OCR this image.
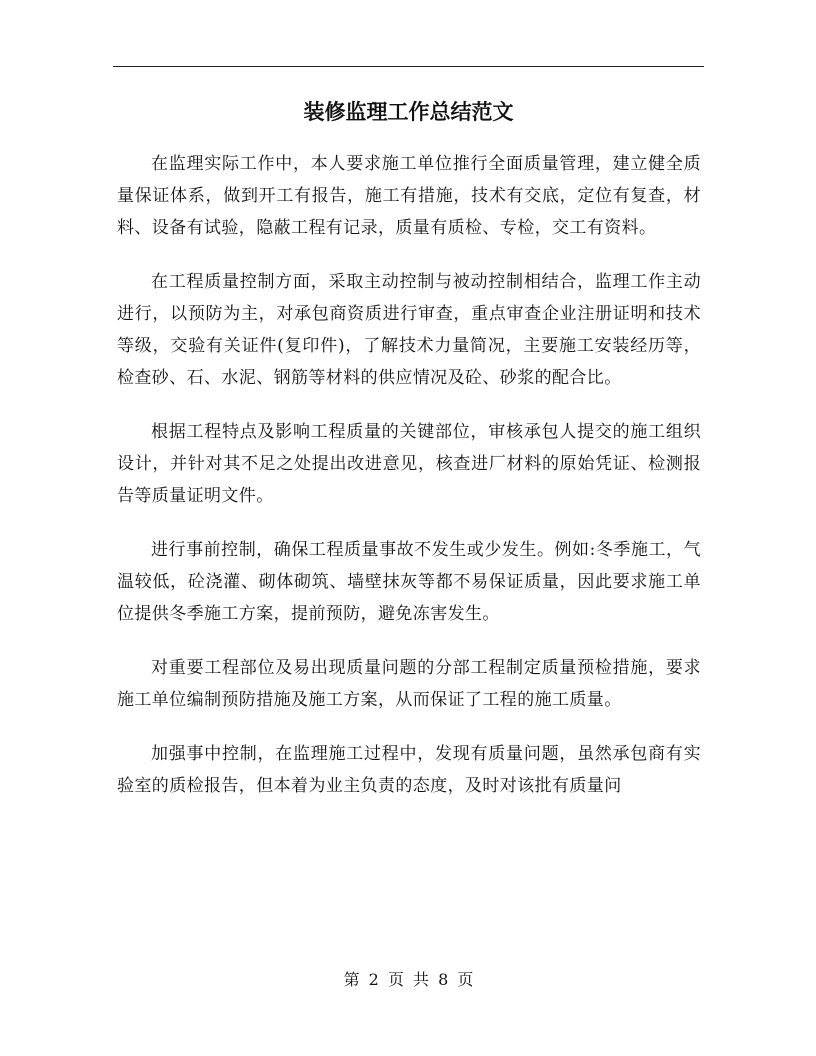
装修监理工作总结范文

在监理实际工作中，本人要求施工单位推行全面质量管理，建立健全质量保证体系，做到开工有报告，施工有措施，技术有交底，定位有复查，材料、设备有试验，隐蔽工程有记录，质量有质检、专检，交工有资料。

在工程质量控制方面，采取主动控制与被动控制相结合，监理工作主动进行，以预防为主，对承包商资质进行审查，重点审查企业注册证明和技术等级，交验有关证件(复印件)，了解技术力量简况，主要施工安装经历等，检查砂、石、水泥、钢筋等材料的供应情况及砼、砂浆的配合比。

根据工程特点及影响工程质量的关键部位，审核承包人提交的施工组织设计，并针对其不足之处提出改进意见，核查进厂材料的原始凭证、检测报告等质量证明文件。

进行事前控制，确保工程质量事故不发生或少发生。例如:冬季施工，气温较低，砼浇灌、砌体砌筑、墙壁抹灰等都不易保证质量，因此要求施工单位提供冬季施工方案，提前预防，避免冻害发生。

对重要工程部位及易出现质量问题的分部工程制定质量预检措施，要求施工单位编制预防措施及施工方案，从而保证了工程的施工质量。

加强事中控制，在监理施工过程中，发现有质量问题，虽然承包商有实验室的质检报告，但本着为业主负责的态度，及时对该批有质量问

第 2 页 共 8 页
